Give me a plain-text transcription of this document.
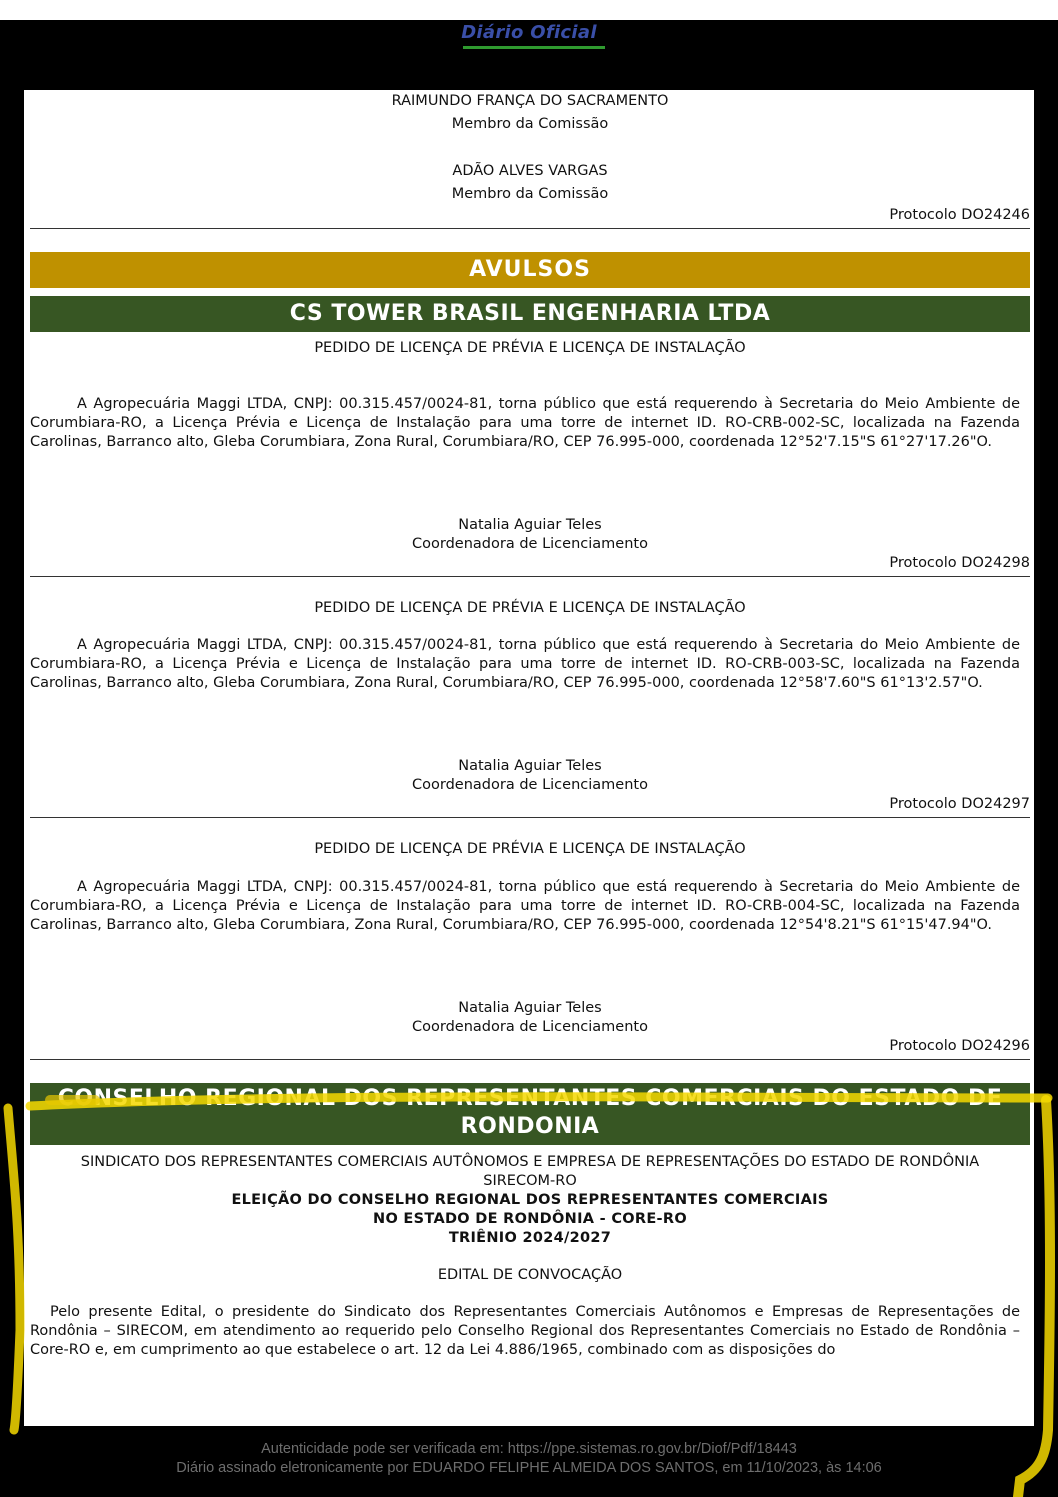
Diário Oficial
RAIMUNDO FRANÇA DO SACRAMENTO
Membro da Comissão
ADÃO ALVES VARGAS
Membro da Comissão
Protocolo DO24246
AVULSOS
CS TOWER BRASIL ENGENHARIA LTDA
PEDIDO DE LICENÇA DE PRÉVIA E LICENÇA DE INSTALAÇÃO
A Agropecuária Maggi LTDA, CNPJ: 00.315.457/0024-81, torna público que está requerendo à Secretaria do Meio Ambiente de Corumbiara-RO, a Licença Prévia e Licença de Instalação para uma torre de internet ID. RO-CRB-002-SC, localizada na Fazenda Carolinas, Barranco alto, Gleba Corumbiara, Zona Rural, Corumbiara/RO, CEP 76.995-000, coordenada 12°52'7.15"S 61°27'17.26"O.
Natalia Aguiar Teles
Coordenadora de Licenciamento
Protocolo DO24298
PEDIDO DE LICENÇA DE PRÉVIA E LICENÇA DE INSTALAÇÃO
A Agropecuária Maggi LTDA, CNPJ: 00.315.457/0024-81, torna público que está requerendo à Secretaria do Meio Ambiente de Corumbiara-RO, a Licença Prévia e Licença de Instalação para uma torre de internet ID. RO-CRB-003-SC, localizada na Fazenda Carolinas, Barranco alto, Gleba Corumbiara, Zona Rural, Corumbiara/RO, CEP 76.995-000, coordenada 12°58'7.60"S 61°13'2.57"O.
Natalia Aguiar Teles
Coordenadora de Licenciamento
Protocolo DO24297
PEDIDO DE LICENÇA DE PRÉVIA E LICENÇA DE INSTALAÇÃO
A Agropecuária Maggi LTDA, CNPJ: 00.315.457/0024-81, torna público que está requerendo à Secretaria do Meio Ambiente de Corumbiara-RO, a Licença Prévia e Licença de Instalação para uma torre de internet ID. RO-CRB-004-SC, localizada na Fazenda Carolinas, Barranco alto, Gleba Corumbiara, Zona Rural, Corumbiara/RO, CEP 76.995-000, coordenada 12°54'8.21"S 61°15'47.94"O.
Natalia Aguiar Teles
Coordenadora de Licenciamento
Protocolo DO24296
CONSELHO REGIONAL DOS REPRESENTANTES COMERCIAIS DO ESTADO DE RONDONIA
SINDICATO DOS REPRESENTANTES COMERCIAIS AUTÔNOMOS E EMPRESA DE REPRESENTAÇÕES DO ESTADO DE RONDÔNIA
SIRECOM-RO
ELEIÇÃO DO CONSELHO REGIONAL DOS REPRESENTANTES COMERCIAIS
NO ESTADO DE RONDÔNIA - CORE-RO
TRIÊNIO 2024/2027
EDITAL DE CONVOCAÇÃO
Pelo presente Edital, o presidente do Sindicato dos Representantes Comerciais Autônomos e Empresas de Representações de Rondônia – SIRECOM, em atendimento ao requerido pelo Conselho Regional dos Representantes Comerciais no Estado de Rondônia – Core-RO e, em cumprimento ao que estabelece o art. 12 da Lei 4.886/1965, combinado com as disposições do
Autenticidade pode ser verificada em: https://ppe.sistemas.ro.gov.br/Diof/Pdf/18443
Diário assinado eletronicamente por EDUARDO FELIPHE ALMEIDA DOS SANTOS, em 11/10/2023, às 14:06
